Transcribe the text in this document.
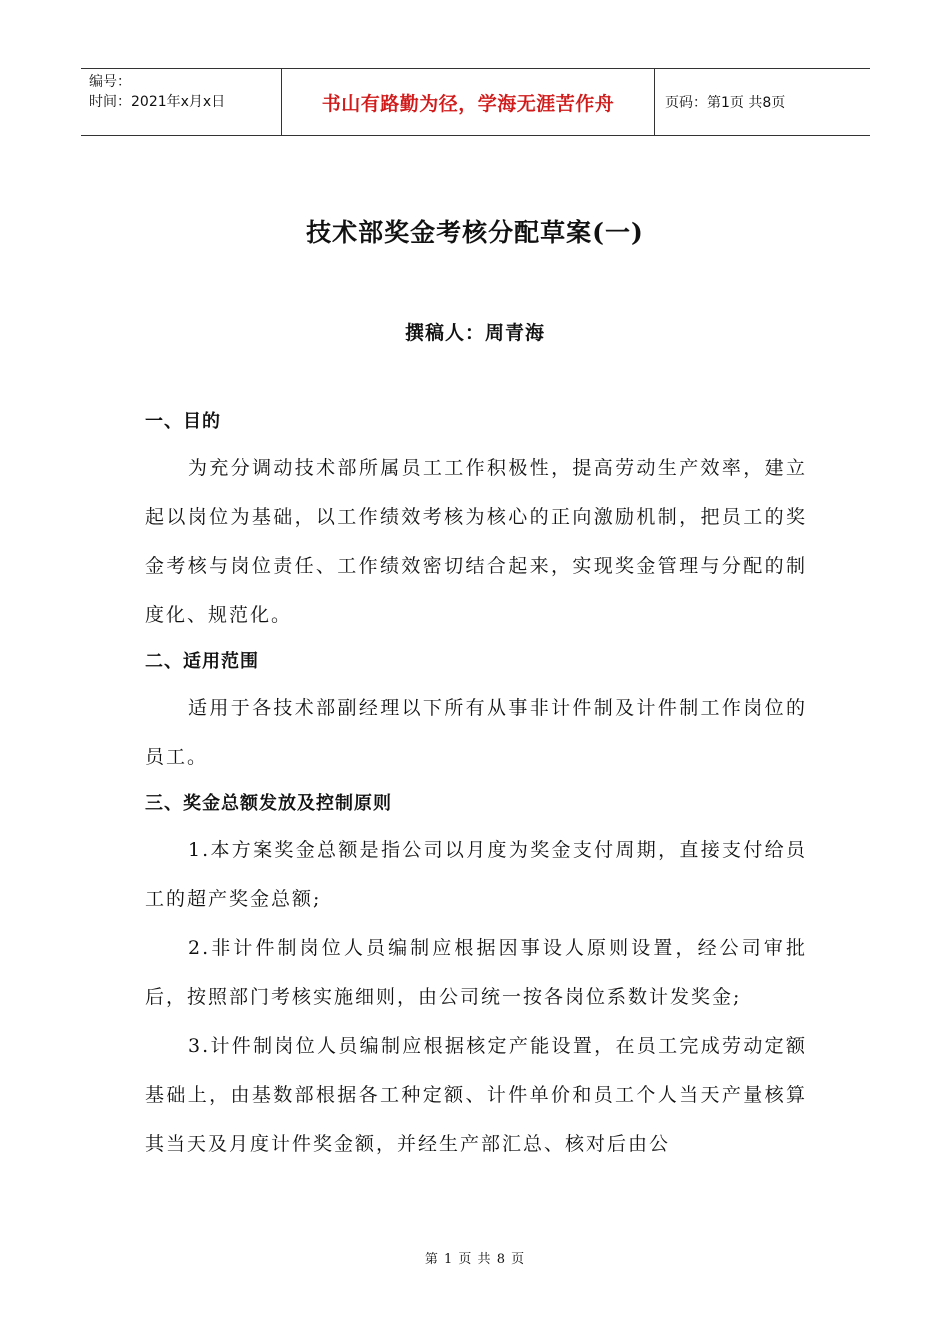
编号：
时间：2021年x月x日	书山有路勤为径，学海无涯苦作舟	页码：第1页 共8页
技术部奖金考核分配草案(一)
撰稿人：周青海
一、目的

为充分调动技术部所属员工工作积极性，提高劳动生产效率，建立起以岗位为基础，以工作绩效考核为核心的正向激励机制，把员工的奖金考核与岗位责任、工作绩效密切结合起来，实现奖金管理与分配的制度化、规范化。

二、适用范围

适用于各技术部副经理以下所有从事非计件制及计件制工作岗位的员工。

三、奖金总额发放及控制原则

1.本方案奖金总额是指公司以月度为奖金支付周期，直接支付给员工的超产奖金总额;

2.非计件制岗位人员编制应根据因事设人原则设置，经公司审批后，按照部门考核实施细则，由公司统一按各岗位系数计发奖金;

3.计件制岗位人员编制应根据核定产能设置，在员工完成劳动定额基础上，由基数部根据各工种定额、计件单价和员工个人当天产量核算其当天及月度计件奖金额，并经生产部汇总、核对后由公

第 1 页 共 8 页
